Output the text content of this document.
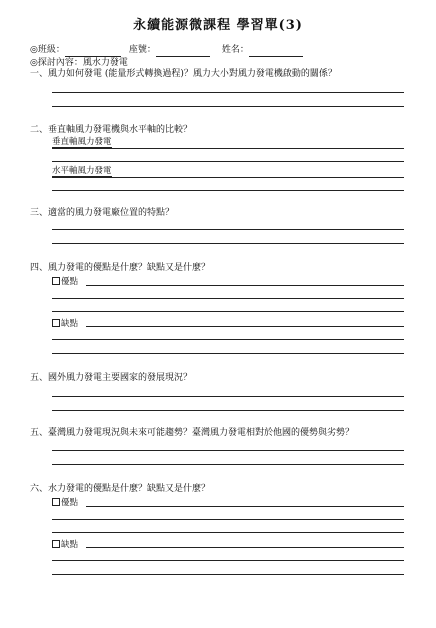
永續能源微課程 學習單(3)
◎班級：	座號：	姓名：
◎探討內容：風水力發電
一、風力如何發電 (能量形式轉換過程)？風力大小對風力發電機啟動的關係？
二、垂直軸風力發電機與水平軸的比較？
垂直軸風力發電
水平軸風力發電
三、適當的風力發電廠位置的特點？
四、風力發電的優點是什麼？缺點又是什麼？
優點
缺點
五、國外風力發電主要國家的發展現況？
五、臺灣風力發電現況與未來可能趨勢？臺灣風力發電相對於他國的優勢與劣勢？
六、水力發電的優點是什麼？缺點又是什麼？
優點
缺點
